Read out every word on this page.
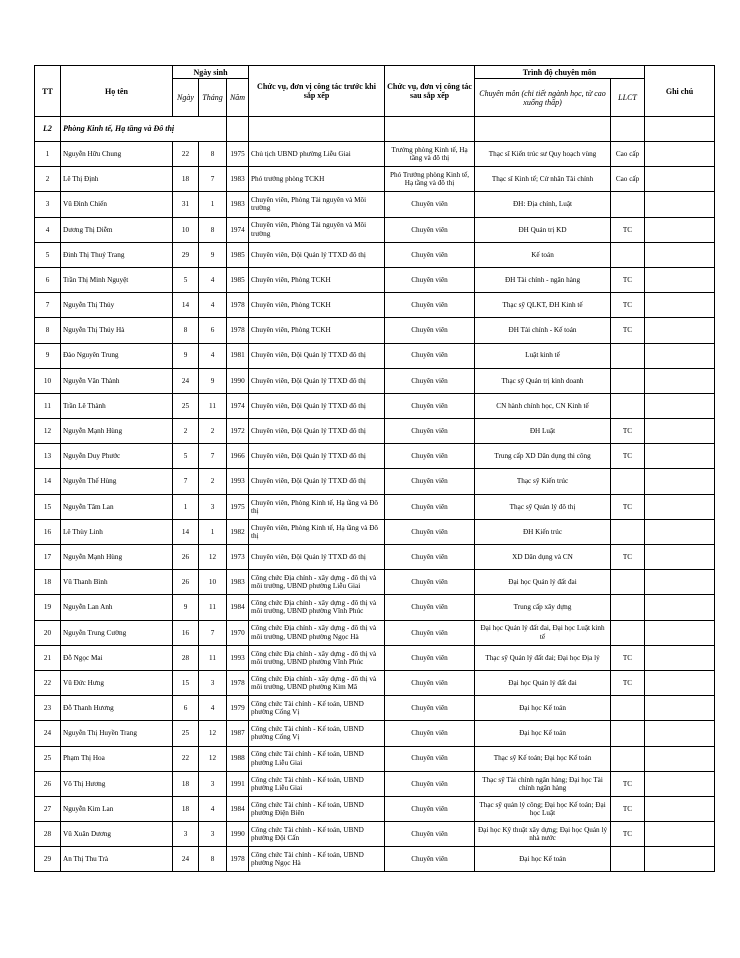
TT	Họ tên	Ngày sinh			Chức vụ, đơn vị công tác trước khi sắp xếp	Chức vụ, đơn vị công tác sau sắp xếp	Trình độ chuyên môn		Ghi chú
		Ngày	Tháng	Năm			Chuyên môn (chi tiết ngành học, từ cao xuống thấp)	LLCT	
L2	Phòng Kinh tế, Hạ tầng và Đô thị								
1	Nguyễn Hữu Chung	22	8	1975	Chủ tịch UBND phường Liễu Giai	Trưởng phòng Kinh tế, Hạ tầng và đô thị	Thạc sĩ Kiến trúc sư Quy hoạch vùng	Cao cấp	
2	Lê Thị Định	18	7	1983	Phó trưởng phòng TCKH	Phó Trưởng phòng Kinh tế, Hạ tầng và đô thị	Thạc sĩ Kinh tế; Cử nhân Tài chính	Cao cấp	
3	Vũ Đình Chiến	31	1	1983	Chuyên viên, Phòng Tài nguyên và Môi trường	Chuyên viên	ĐH: Địa chính, Luật		
4	Dương Thị Diễm	10	8	1974	Chuyên viên, Phòng Tài nguyên và Môi trường	Chuyên viên	ĐH Quản trị KD	TC	
5	Đinh Thị Thuý Trang	29	9	1985	Chuyên viên, Đội Quản lý TTXD đô thị	Chuyên viên	Kế toán		
6	Trần Thị Minh Nguyệt	5	4	1985	Chuyên viên, Phòng TCKH	Chuyên viên	ĐH Tài chính - ngân hàng	TC	
7	Nguyễn Thị Thủy	14	4	1978	Chuyên viên, Phòng TCKH	Chuyên viên	Thạc sỹ QLKT, ĐH Kinh tế	TC	
8	Nguyễn Thị Thúy Hà	8	6	1978	Chuyên viên, Phòng TCKH	Chuyên viên	ĐH Tài chính - Kế toán	TC	
9	Đào Nguyên Trung	9	4	1981	Chuyên viên, Đội Quản lý TTXD đô thị	Chuyên viên	Luật kinh tế		
10	Nguyễn Văn Thành	24	9	1990	Chuyên viên, Đội Quản lý TTXD đô thị	Chuyên viên	Thạc sỹ Quản trị kinh doanh		
11	Trần Lê Thành	25	11	1974	Chuyên viên, Đội Quản lý TTXD đô thị	Chuyên viên	CN hành chính học, CN Kinh tế		
12	Nguyễn Mạnh Hùng	2	2	1972	Chuyên viên, Đội Quản lý TTXD đô thị	Chuyên viên	ĐH Luật	TC	
13	Nguyễn Duy Phước	5	7	1966	Chuyên viên, Đội Quản lý TTXD đô thị	Chuyên viên	Trung cấp XD Dân dụng thi công	TC	
14	Nguyễn Thế Hùng	7	2	1993	Chuyên viên, Đội Quản lý TTXD đô thị	Chuyên viên	Thạc sỹ Kiến trúc		
15	Nguyễn Tâm Lan	1	3	1975	Chuyên viên, Phòng Kinh tế, Hạ tầng và Đô thị	Chuyên viên	Thạc sỹ Quản lý đô thị	TC	
16	Lê Thùy Linh	14	1	1982	Chuyên viên, Phòng Kinh tế, Hạ tầng và Đô thị	Chuyên viên	ĐH Kiến trúc		
17	Nguyễn Mạnh Hùng	26	12	1973	Chuyên viên, Đội Quản lý TTXD đô thị	Chuyên viên	XD Dân dụng và CN	TC	
18	Vũ Thanh Bình	26	10	1983	Công chức Địa chính - xây dựng - đô thị và môi trường, UBND phường Liễu Giai	Chuyên viên	Đại học Quản lý đất đai		
19	Nguyễn Lan Anh	9	11	1984	Công chức Địa chính - xây dựng - đô thị và môi trường, UBND phường Vĩnh Phúc	Chuyên viên	Trung cấp xây dựng		
20	Nguyễn Trung Cường	16	7	1970	Công chức Địa chính - xây dựng - đô thị và môi trường, UBND phường Ngọc Hà	Chuyên viên	Đại học Quản lý đất đai, Đại học Luật kinh tế		
21	Đỗ Ngọc Mai	28	11	1993	Công chức Địa chính - xây dựng - đô thị và môi trường, UBND phường Vĩnh Phúc	Chuyên viên	Thạc sỹ Quản lý đất đai; Đại học Địa lý	TC	
22	Vũ Đức Hưng	15	3	1978	Công chức Địa chính - xây dựng - đô thị và môi trường, UBND phường Kim Mã	Chuyên viên	Đại học Quản lý đất đai	TC	
23	Đỗ Thanh Hương	6	4	1979	Công chức Tài chính - Kế toán, UBND phường Cống Vị	Chuyên viên	Đại học Kế toán		
24	Nguyễn Thị Huyền Trang	25	12	1987	Công chức Tài chính - Kế toán, UBND phường Cống Vị	Chuyên viên	Đại học Kế toán		
25	Phạm Thị Hoa	22	12	1988	Công chức Tài chính - Kế toán, UBND phường Liễu Giai	Chuyên viên	Thạc sỹ Kế toán; Đại học Kế toán		
26	Võ Thị Hương	18	3	1991	Công chức Tài chính - Kế toán, UBND phường Liễu Giai	Chuyên viên	Thạc sỹ Tài chính ngân hàng; Đại học Tài chính ngân hàng	TC	
27	Nguyễn Kim Lan	18	4	1984	Công chức Tài chính - Kế toán, UBND phường Điện Biên	Chuyên viên	Thạc sỹ quản lý công; Đại học Kế toán; Đại học Luật	TC	
28	Vũ Xuân Dương	3	3	1990	Công chức Tài chính - Kế toán, UBND phường Đội Cấn	Chuyên viên	Đại học Kỹ thuật xây dựng; Đại học Quản lý nhà nước	TC	
29	An Thị Thu Trà	24	8	1978	Công chức Tài chính - Kế toán, UBND phường Ngọc Hà	Chuyên viên	Đại học Kế toán		
